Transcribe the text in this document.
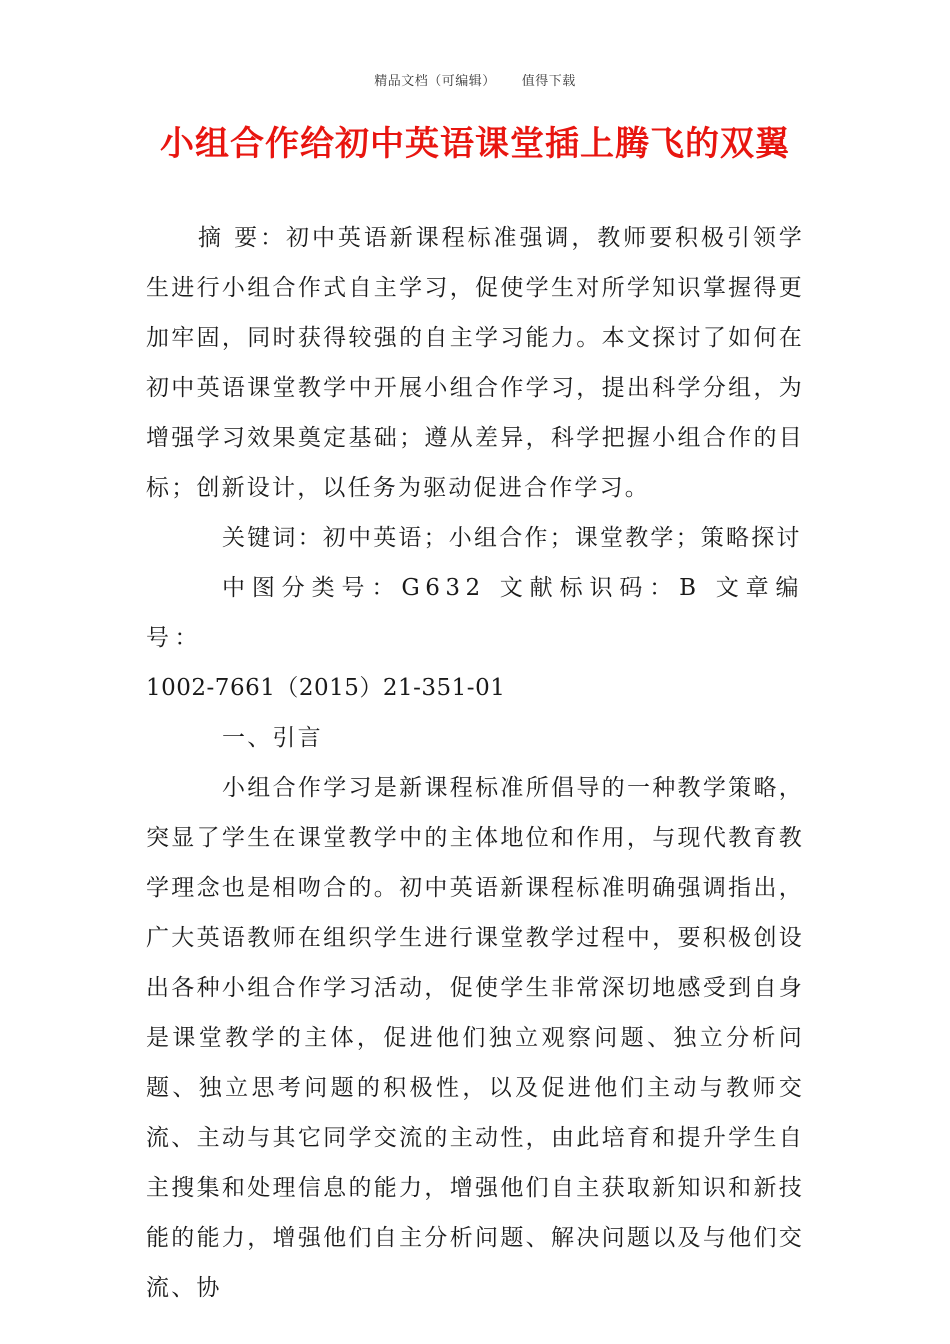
精品文档（可编辑） 值得下载
小组合作给初中英语课堂插上腾飞的双翼

摘 要：初中英语新课程标准强调，教师要积极引领学生进行小组合作式自主学习，促使学生对所学知识掌握得更加牢固，同时获得较强的自主学习能力。本文探讨了如何在初中英语课堂教学中开展小组合作学习，提出科学分组，为增强学习效果奠定基础；遵从差异，科学把握小组合作的目标；创新设计，以任务为驱动促进合作学习。

关键词：初中英语；小组合作；课堂教学；策略探讨

中图分类号：G632 文献标识码：B 文章编号：

1002-7661（2015）21-351-01

一、引言

小组合作学习是新课程标准所倡导的一种教学策略，突显了学生在课堂教学中的主体地位和作用，与现代教育教学理念也是相吻合的。初中英语新课程标准明确强调指出，广大英语教师在组织学生进行课堂教学过程中，要积极创设出各种小组合作学习活动，促使学生非常深切地感受到自身是课堂教学的主体，促进他们独立观察问题、独立分析问题、独立思考问题的积极性，以及促进他们主动与教师交流、主动与其它同学交流的主动性，由此培育和提升学生自主搜集和处理信息的能力，增强他们自主获取新知识和新技能的能力，增强他们自主分析问题、解决问题以及与他们交流、协
